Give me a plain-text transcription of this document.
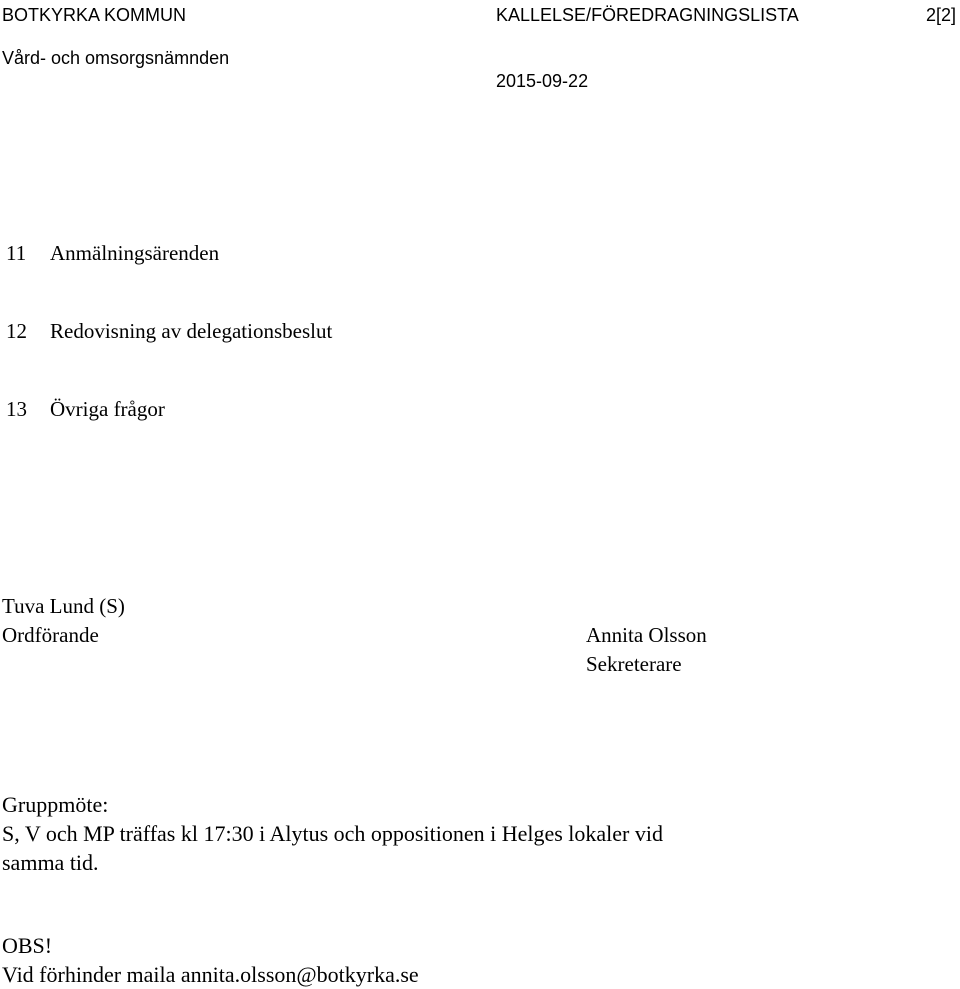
BOTKYRKA KOMMUN	KALLELSE/FÖREDRAGNINGSLISTA	2[2]
Vård- och omsorgsnämnden
2015-09-22
11 Anmälningsärenden
12 Redovisning av delegationsbeslut
13 Övriga frågor
Tuva Lund (S)
Ordförande	Annita Olsson
Sekreterare
Gruppmöte:
S, V och MP träffas kl 17:30 i Alytus och oppositionen i Helges lokaler vid
samma tid.
OBS!
Vid förhinder maila annita.olsson@botkyrka.se
